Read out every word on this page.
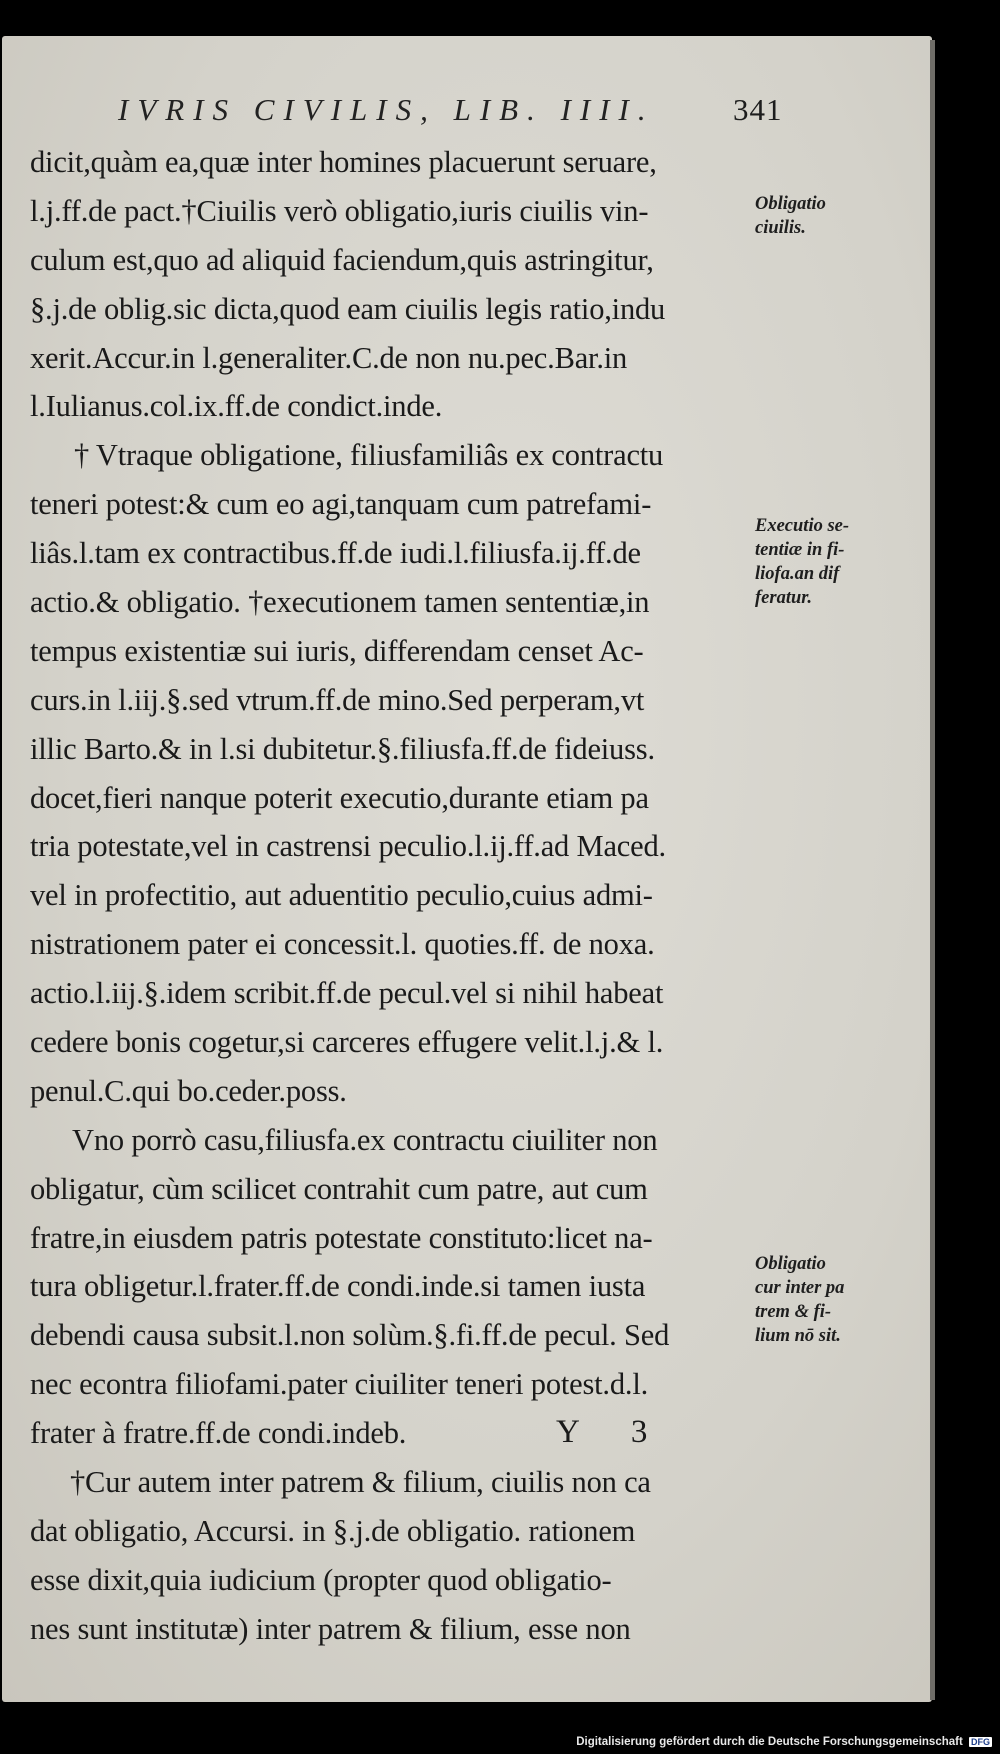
IVRIS CIVILIS, LIB. IIII.	341
dicit,quàm ea,quæ inter homines placuerunt seruare,
l.j.ff.de pact.†Ciuilis verò obligatio,iuris ciuilis vin-
culum est,quo ad aliquid faciendum,quis astringitur,
§.j.de oblig.sic dicta,quod eam ciuilis legis ratio,indu
xerit.Accur.in l.generaliter.C.de non nu.pec.Bar.in
l.Iulianus.col.ix.ff.de condict.inde.
† Vtraque obligatione, filiusfamiliâs ex contractu
teneri potest:& cum eo agi,tanquam cum patrefami-
liâs.l.tam ex contractibus.ff.de iudi.l.filiusfa.ij.ff.de
actio.& obligatio. †executionem tamen sententiæ,in
tempus existentiæ sui iuris, differendam censet Ac-
curs.in l.iij.§.sed vtrum.ff.de mino.Sed perperam,vt
illic Barto.& in l.si dubitetur.§.filiusfa.ff.de fideiuss.
docet,fieri nanque poterit executio,durante etiam pa
tria potestate,vel in castrensi peculio.l.ij.ff.ad Maced.
vel in profectitio, aut aduentitio peculio,cuius admi-
nistrationem pater ei concessit.l. quoties.ff. de noxa.
actio.l.iij.§.idem scribit.ff.de pecul.vel si nihil habeat
cedere bonis cogetur,si carceres effugere velit.l.j.& l.
penul.C.qui bo.ceder.poss.
Vno porrò casu,filiusfa.ex contractu ciuiliter non
obligatur, cùm scilicet contrahit cum patre, aut cum
fratre,in eiusdem patris potestate constituto:licet na-
tura obligetur.l.frater.ff.de condi.inde.si tamen iusta
debendi causa subsit.l.non solùm.§.fi.ff.de pecul. Sed
nec econtra filiofami.pater ciuiliter teneri potest.d.l.
frater à fratre.ff.de condi.indeb.
†Cur autem inter patrem & filium, ciuilis non ca
dat obligatio, Accursi. in §.j.de obligatio. rationem
esse dixit,quia iudicium (propter quod obligatio-
nes sunt institutæ) inter patrem & filium, esse non
Obligatio
ciuilis.
Executio se-
tentiæ in fi-
liofa.an dif
feratur.
Obligatio
cur inter pa
trem & fi-
lium nō sit.
Y 3
Digitalisierung gefördert durch die Deutsche Forschungsgemeinschaft DFG
